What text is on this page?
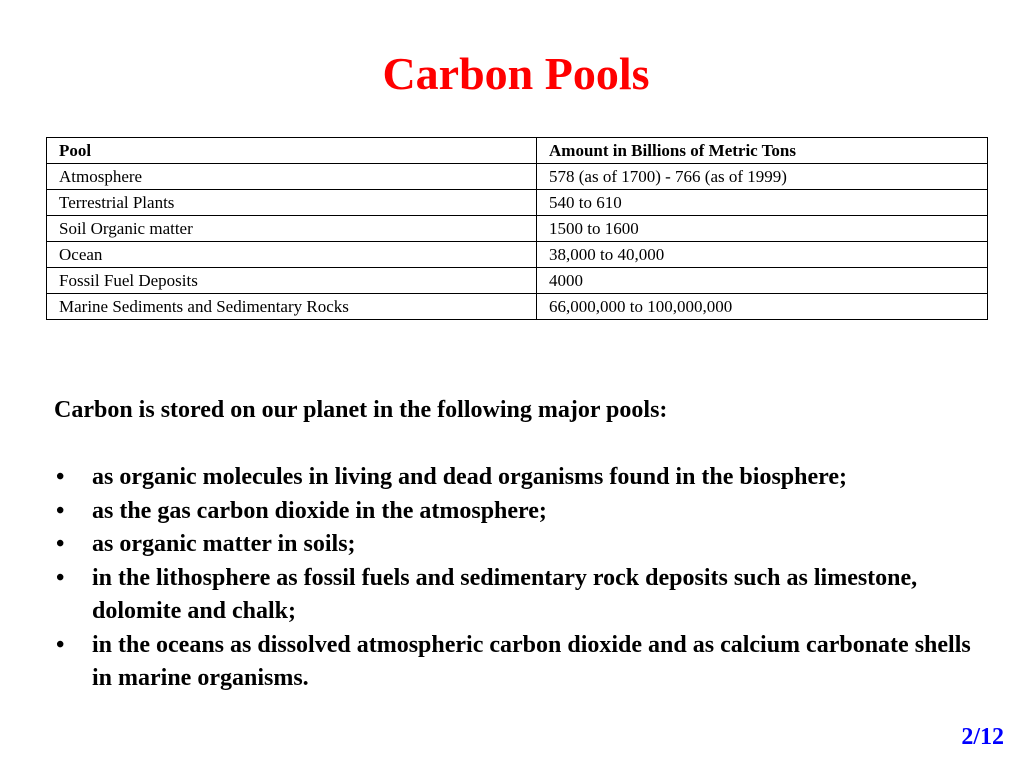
Carbon Pools
Pool	Amount in Billions of Metric Tons
Atmosphere	578 (as of 1700) - 766 (as of 1999)
Terrestrial Plants	540 to 610
Soil Organic matter	1500 to 1600
Ocean	38,000 to 40,000
Fossil Fuel Deposits	4000
Marine Sediments and Sedimentary Rocks	66,000,000 to 100,000,000
Carbon is stored on our planet in the following major pools:
• as organic molecules in living and dead organisms found in the biosphere;
• as the gas carbon dioxide in the atmosphere;
• as organic matter in soils;
• in the lithosphere as fossil fuels and sedimentary rock deposits such as limestone, dolomite and chalk;
• in the oceans as dissolved atmospheric carbon dioxide and as calcium carbonate shells in marine organisms.
2/12
